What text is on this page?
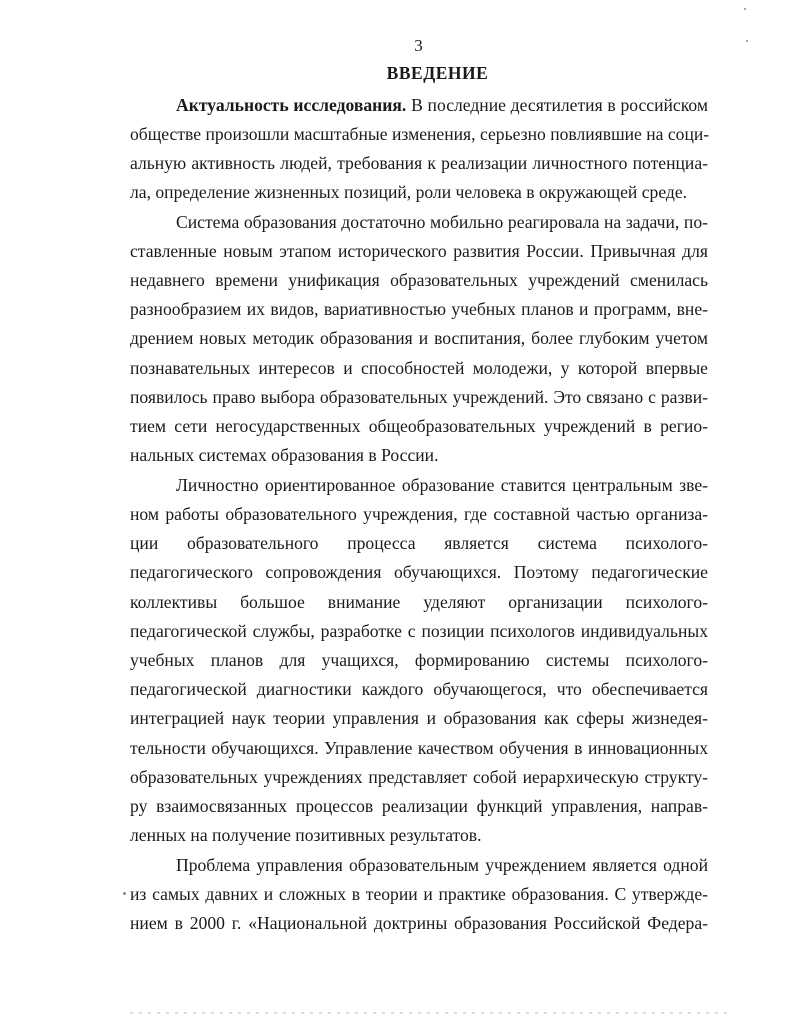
3
ВВЕДЕНИЕ
Актуальность исследования. В последние десятилетия в российском
обществе произошли масштабные изменения, серьезно повлиявшие на соци-
альную активность людей, требования к реализации личностного потенциа-
ла, определение жизненных позиций, роли человека в окружающей среде.
Система образования достаточно мобильно реагировала на задачи, по-
ставленные новым этапом исторического развития России. Привычная для
недавнего времени унификация образовательных учреждений сменилась
разнообразием их видов, вариативностью учебных планов и программ, вне-
дрением новых методик образования и воспитания, более глубоким учетом
познавательных интересов и способностей молодежи, у которой впервые
появилось право выбора образовательных учреждений. Это связано с разви-
тием сети негосударственных общеобразовательных учреждений в регио-
нальных системах образования в России.
Личностно ориентированное образование ставится центральным зве-
ном работы образовательного учреждения, где составной частью организа-
ции образовательного процесса является система психолого-
педагогического сопровождения обучающихся. Поэтому педагогические
коллективы большое внимание уделяют организации психолого-
педагогической службы, разработке с позиции психологов индивидуальных
учебных планов для учащихся, формированию системы психолого-
педагогической диагностики каждого обучающегося, что обеспечивается
интеграцией наук теории управления и образования как сферы жизнедея-
тельности обучающихся. Управление качеством обучения в инновационных
образовательных учреждениях представляет собой иерархическую структу-
ру взаимосвязанных процессов реализации функций управления, направ-
ленных на получение позитивных результатов.
Проблема управления образовательным учреждением является одной
из самых давних и сложных в теории и практике образования. С утвержде-
нием в 2000 г. «Национальной доктрины образования Российской Федера-
